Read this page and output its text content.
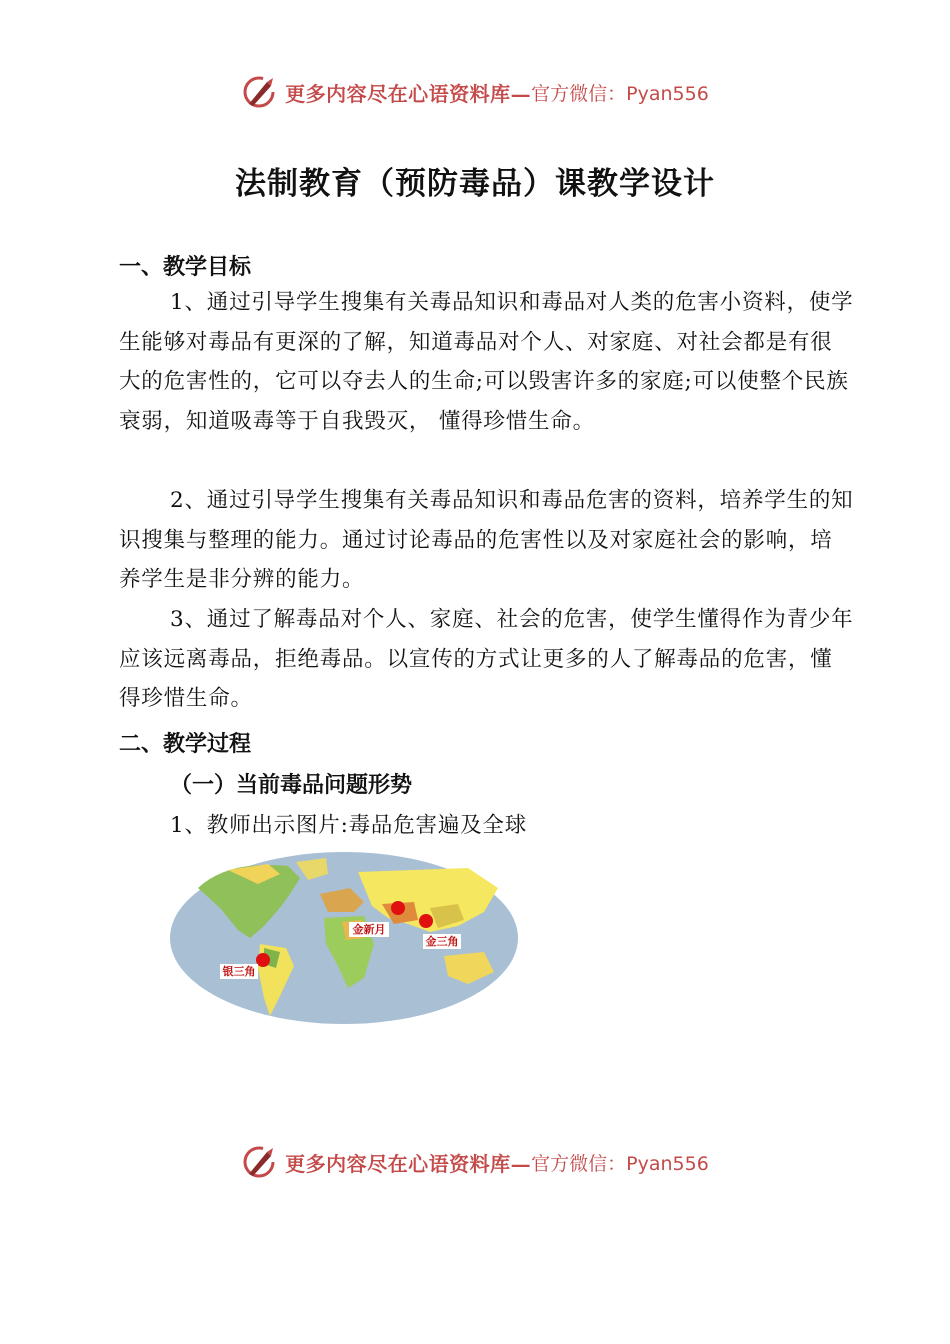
更多内容尽在心语资料库— 官方微信：Pyan556
法制教育（预防毒品）课教学设计
一、教学目标
1、通过引导学生搜集有关毒品知识和毒品对人类的危害小资料，使学生能够对毒品有更深的了解，知道毒品对个人、对家庭、对社会都是有很大的危害性的，它可以夺去人的生命;可以毁害许多的家庭;可以使整个民族衰弱，知道吸毒等于自我毁灭， 懂得珍惜生命。
2、通过引导学生搜集有关毒品知识和毒品危害的资料，培养学生的知识搜集与整理的能力。通过讨论毒品的危害性以及对家庭社会的影响，培养学生是非分辨的能力。
3、通过了解毒品对个人、家庭、社会的危害，使学生懂得作为青少年应该远离毒品，拒绝毒品。以宣传的方式让更多的人了解毒品的危害，懂得珍惜生命。
二、教学过程
（一）当前毒品问题形势
1、教师出示图片:毒品危害遍及全球
金新月
金三角
银三角
更多内容尽在心语资料库— 官方微信：Pyan556
